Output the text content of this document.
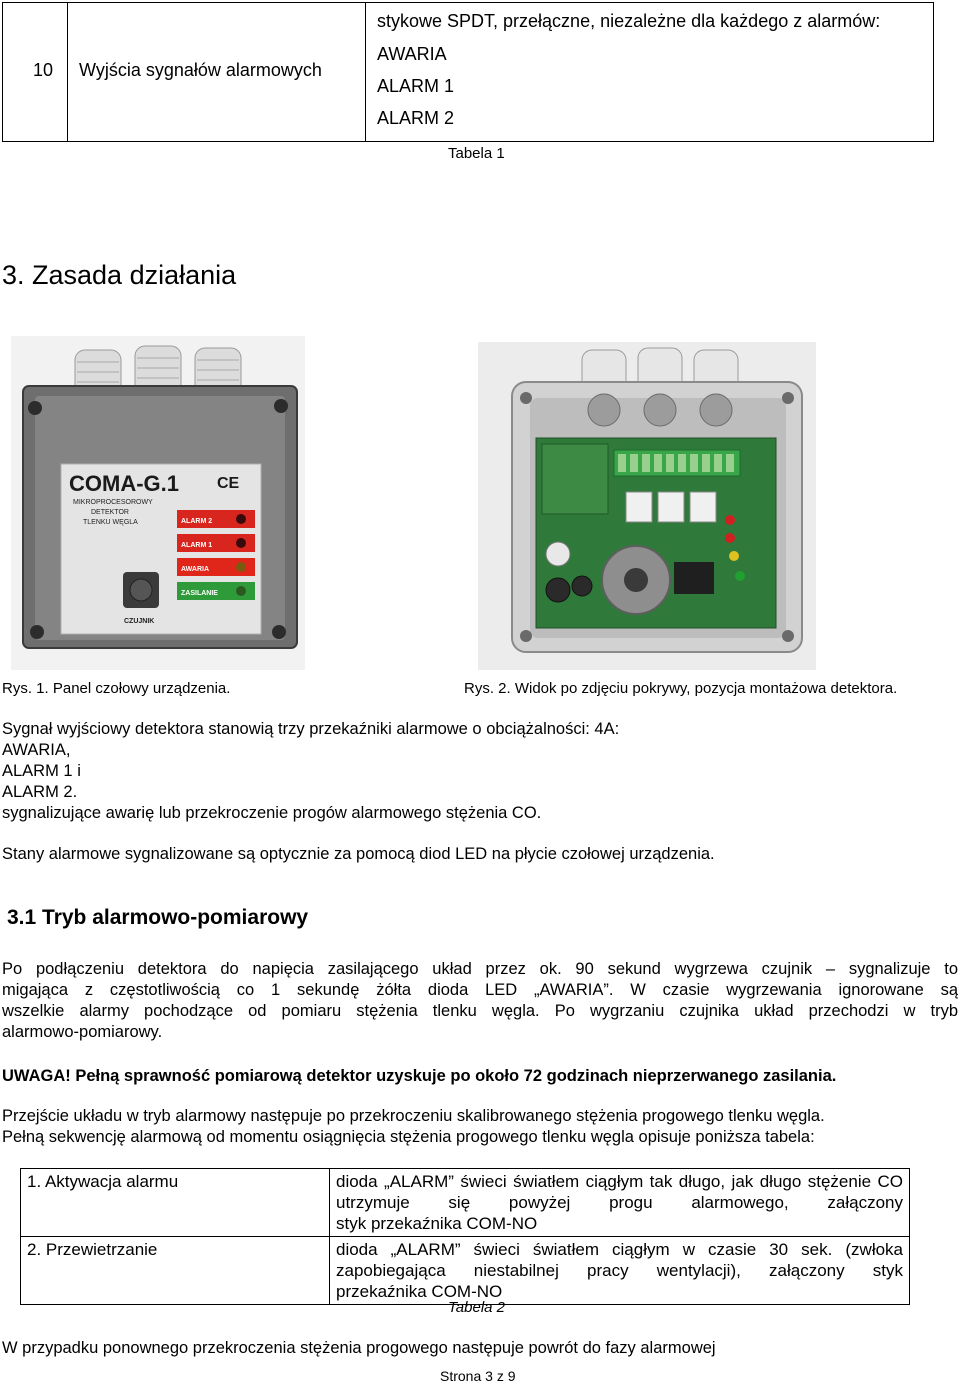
10 Wyjścia sygnałów alarmowych
stykowe SPDT, przełączne, niezależne dla każdego z alarmów:
AWARIA
ALARM 1
ALARM 2
Tabela 1
3. Zasada działania
COMA-G.1 CE
MIKROPROCESOROWY
DETEKTOR
TLENKU WĘGLA	ALARM 2
ALARM 1
AWARIA
ZASILANIE
CZUJNIK
Rys. 1. Panel czołowy urządzenia.	Rys. 2. Widok po zdjęciu pokrywy, pozycja montażowa detektora.
Sygnał wyjściowy detektora stanowią trzy przekaźniki alarmowe o obciążalności: 4A:
AWARIA,
ALARM 1 i
ALARM 2.
sygnalizujące awarię lub przekroczenie progów alarmowego stężenia CO.
Stany alarmowe sygnalizowane są optycznie za pomocą diod LED na płycie czołowej urządzenia.
3.1 Tryb alarmowo-pomiarowy
Po podłączeniu detektora do napięcia zasilającego układ przez ok. 90 sekund wygrzewa czujnik – sygnalizuje to
migająca z częstotliwością co 1 sekundę żółta dioda LED „AWARIA”. W czasie wygrzewania ignorowane są
wszelkie alarmy pochodzące od pomiaru stężenia tlenku węgla. Po wygrzaniu czujnika układ przechodzi w tryb
alarmowo-pomiarowy.
UWAGA! Pełną sprawność pomiarową detektor uzyskuje po około 72 godzinach nieprzerwanego zasilania.
Przejście układu w tryb alarmowy następuje po przekroczeniu skalibrowanego stężenia progowego tlenku węgla.
Pełną sekwencję alarmową od momentu osiągnięcia stężenia progowego tlenku węgla opisuje poniższa tabela:
1. Aktywacja alarmu	dioda „ALARM” świeci światłem ciągłym tak długo, jak długo stężenie CO utrzymuje się powyżej progu alarmowego, załączony
styk przekaźnika COM-NO

2. Przewietrzanie	dioda „ALARM” świeci światłem ciągłym w czasie 30 sek. (zwłoka zapobiegająca niestabilnej pracy wentylacji), załączony styk
przekaźnika COM-NO
Tabela 2
W przypadku ponownego przekroczenia stężenia progowego następuje powrót do fazy alarmowej
Strona 3 z 9
